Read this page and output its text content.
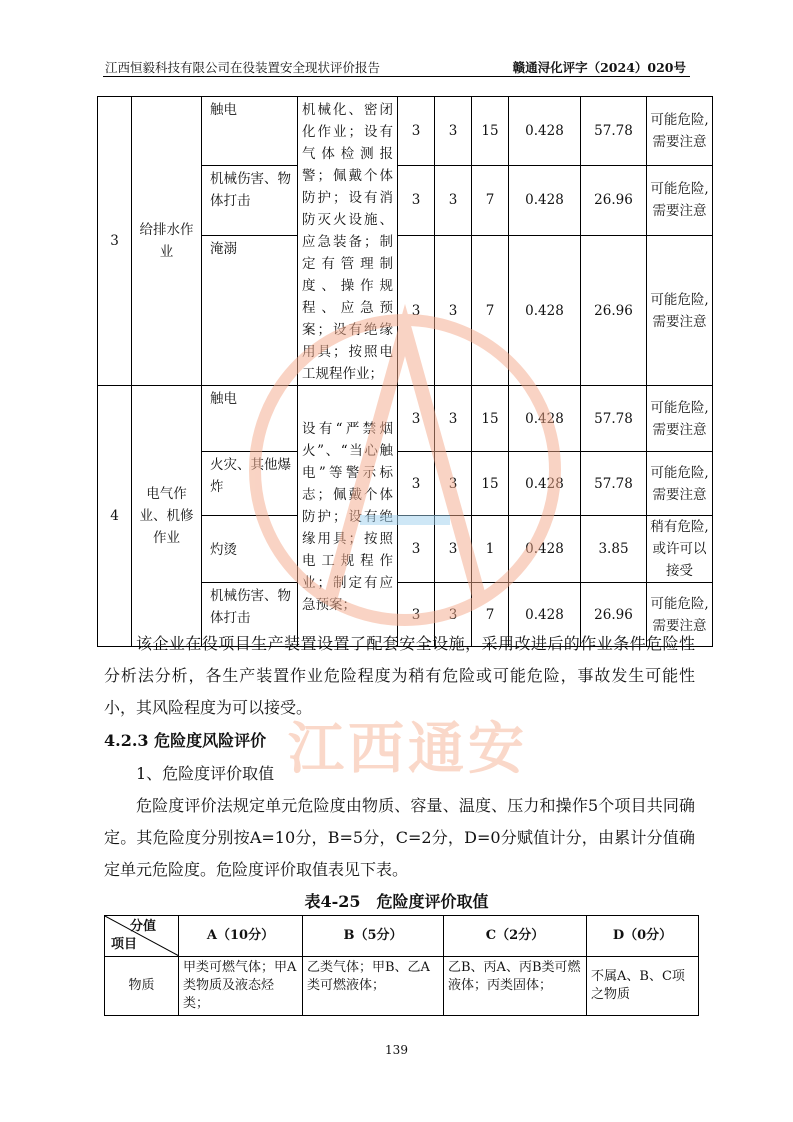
江西恒毅科技有限公司在役装置安全现状评价报告	赣通浔化评字（2024）020号
3	给排水作业	触电	机械化、密闭化作业；设有气体检测报警；佩戴个体防护；设有消防灭火设施、应急装备；制定有管理制度、操作规程、应急预案；设有绝缘用具；按照电工规程作业；	3	3	15	0.428	57.78	可能危险,需要注意
		机械伤害、物体打击		3	3	7	0.428	26.96	可能危险,需要注意
		淹溺		3	3	7	0.428	26.96	可能危险,需要注意
4	电气作业、机修作业	触电	设有“严禁烟火”、“当心触电”等警示标志；佩戴个体防护；设有绝缘用具；按照电工规程作业；制定有应急预案；	3	3	15	0.428	57.78	可能危险,需要注意
		火灾、其他爆炸		3	3	15	0.428	57.78	可能危险,需要注意
		灼烫		3	3	1	0.428	3.85	稍有危险,或许可以接受
		机械伤害、物体打击		3	3	7	0.428	26.96	可能危险,需要注意

该企业在役项目生产装置设置了配套安全设施，采用改进后的作业条件危险性分析法分析，各生产装置作业危险程度为稍有危险或可能危险，事故发生可能性小，其风险程度为可以接受。

4.2.3 危险度风险评价

1、危险度评价取值

危险度评价法规定单元危险度由物质、容量、温度、压力和操作5个项目共同确定。其危险度分别按A=10分，B=5分，C=2分，D=0分赋值计分，由累计分值确定单元危险度。危险度评价取值表见下表。

表4-25　危险度评价取值

分值
项目	A（10分）	B（5分）	C（2分）	D（0分）
物质	甲类可燃气体；甲A类物质及液态烃类；	乙类气体；甲B、乙A类可燃液体；	乙B、丙A、丙B类可燃液体；丙类固体；	不属A、B、C项之物质
139
江西通安
